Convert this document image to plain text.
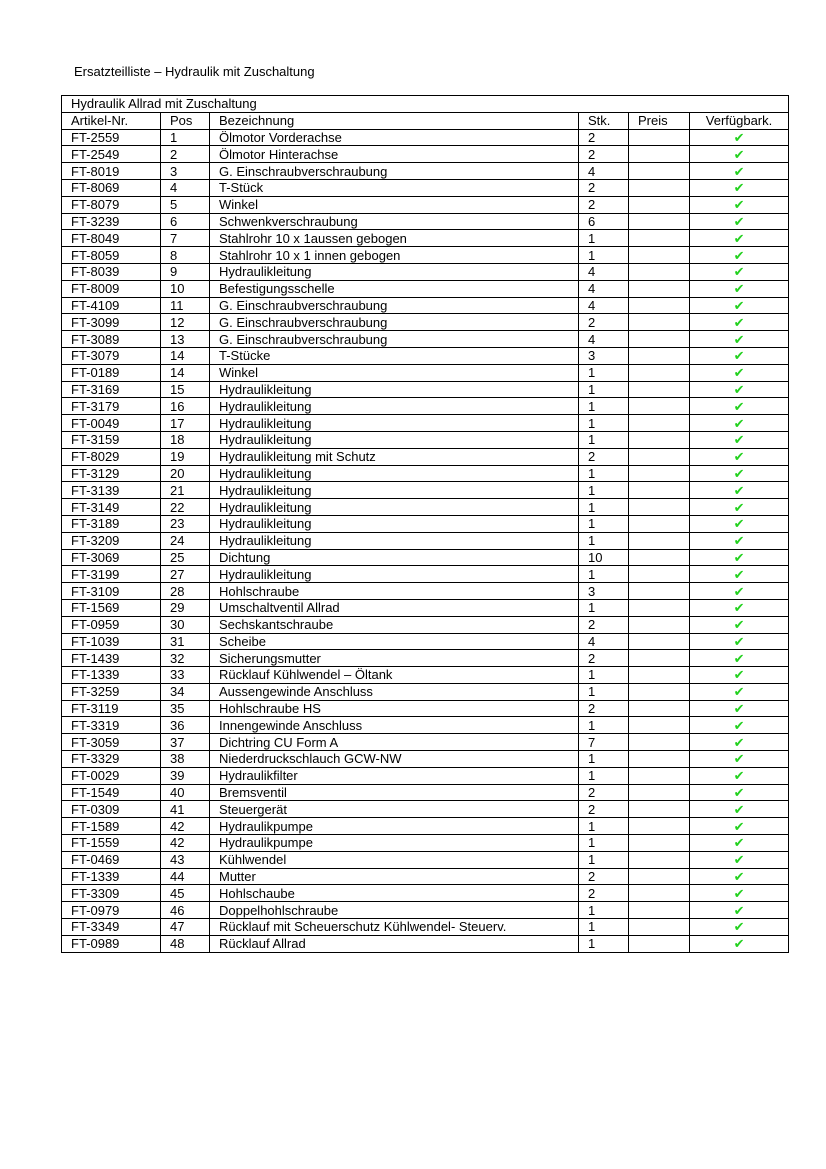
Ersatzteilliste – Hydraulik mit Zuschaltung
Hydraulik Allrad mit Zuschaltung					
Artikel-Nr.	Pos	Bezeichnung	Stk.	Preis	Verfügbark.
FT-2559	1	Ölmotor Vorderachse	2		✔
FT-2549	2	Ölmotor Hinterachse	2		✔
FT-8019	3	G. Einschraubverschraubung	4		✔
FT-8069	4	T-Stück	2		✔
FT-8079	5	Winkel	2		✔
FT-3239	6	Schwenkverschraubung	6		✔
FT-8049	7	Stahlrohr 10 x 1aussen gebogen	1		✔
FT-8059	8	Stahlrohr 10 x 1 innen gebogen	1		✔
FT-8039	9	Hydraulikleitung	4		✔
FT-8009	10	Befestigungsschelle	4		✔
FT-4109	11	G. Einschraubverschraubung	4		✔
FT-3099	12	G. Einschraubverschraubung	2		✔
FT-3089	13	G. Einschraubverschraubung	4		✔
FT-3079	14	T-Stücke	3		✔
FT-0189	14	Winkel	1		✔
FT-3169	15	Hydraulikleitung	1		✔
FT-3179	16	Hydraulikleitung	1		✔
FT-0049	17	Hydraulikleitung	1		✔
FT-3159	18	Hydraulikleitung	1		✔
FT-8029	19	Hydraulikleitung mit Schutz	2		✔
FT-3129	20	Hydraulikleitung	1		✔
FT-3139	21	Hydraulikleitung	1		✔
FT-3149	22	Hydraulikleitung	1		✔
FT-3189	23	Hydraulikleitung	1		✔
FT-3209	24	Hydraulikleitung	1		✔
FT-3069	25	Dichtung	10		✔
FT-3199	27	Hydraulikleitung	1		✔
FT-3109	28	Hohlschraube	3		✔
FT-1569	29	Umschaltventil Allrad	1		✔
FT-0959	30	Sechskantschraube	2		✔
FT-1039	31	Scheibe	4		✔
FT-1439	32	Sicherungsmutter	2		✔
FT-1339	33	Rücklauf Kühlwendel – Öltank	1		✔
FT-3259	34	Aussengewinde Anschluss	1		✔
FT-3119	35	Hohlschraube HS	2		✔
FT-3319	36	Innengewinde Anschluss	1		✔
FT-3059	37	Dichtring CU Form A	7		✔
FT-3329	38	Niederdruckschlauch GCW-NW	1		✔
FT-0029	39	Hydraulikfilter	1		✔
FT-1549	40	Bremsventil	2		✔
FT-0309	41	Steuergerät	2		✔
FT-1589	42	Hydraulikpumpe	1		✔
FT-1559	42	Hydraulikpumpe	1		✔
FT-0469	43	Kühlwendel	1		✔
FT-1339	44	Mutter	2		✔
FT-3309	45	Hohlschaube	2		✔
FT-0979	46	Doppelhohlschraube	1		✔
FT-3349	47	Rücklauf mit Scheuerschutz Kühlwendel- Steuerv.	1		✔
FT-0989	48	Rücklauf Allrad	1		✔
